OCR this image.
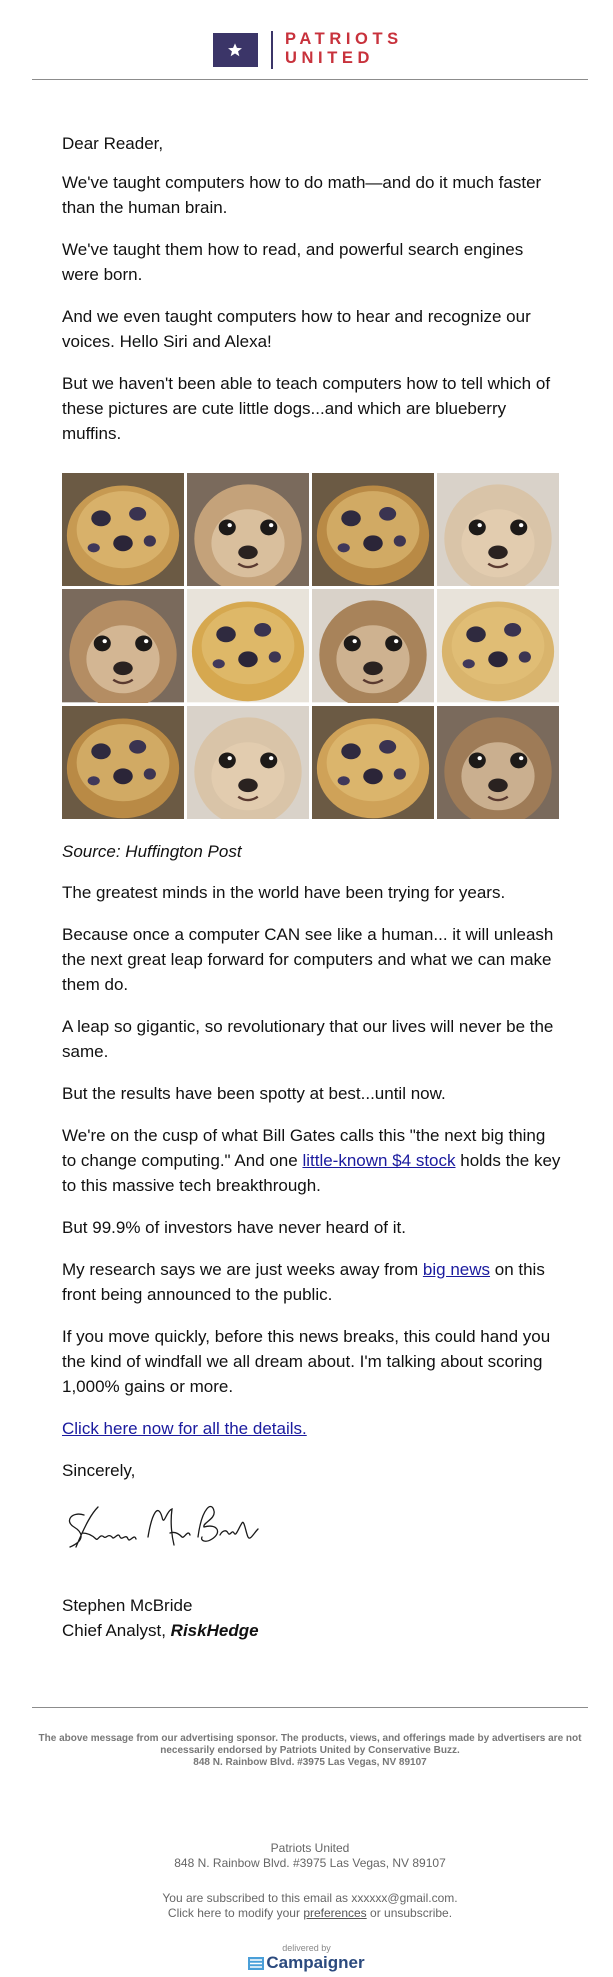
PATRIOTS
UNITED

Dear Reader,

We've taught computers how to do math—and do it much faster than the human brain.

We've taught them how to read, and powerful search engines were born.

And we even taught computers how to hear and recognize our voices. Hello Siri and Alexa!

But we haven't been able to teach computers how to tell which of these pictures are cute little dogs...and which are blueberry muffins.

Source: Huffington Post

The greatest minds in the world have been trying for years.

Because once a computer CAN see like a human... it will unleash the next great leap forward for computers and what we can make them do.

A leap so gigantic, so revolutionary that our lives will never be the same.

But the results have been spotty at best...until now.

We're on the cusp of what Bill Gates calls this "the next big thing to change computing." And one little-known $4 stock holds the key to this massive tech breakthrough.

But 99.9% of investors have never heard of it.

My research says we are just weeks away from big news on this front being announced to the public.

If you move quickly, before this news breaks, this could hand you the kind of windfall we all dream about. I'm talking about scoring 1,000% gains or more.

Click here now for all the details.

Sincerely,

Stephen McBride

Stephen McBride

Chief Analyst, RiskHedge

The above message from our advertising sponsor. The products, views, and offerings made by advertisers are not necessarily endorsed by Patriots United by Conservative Buzz.
848 N. Rainbow Blvd. #3975 Las Vegas, NV 89107
Patriots United
848 N. Rainbow Blvd. #3975 Las Vegas, NV 89107
You are subscribed to this email as xxxxxx@gmail.com.
Click here to modify your preferences or unsubscribe.
delivered by
Campaigner
